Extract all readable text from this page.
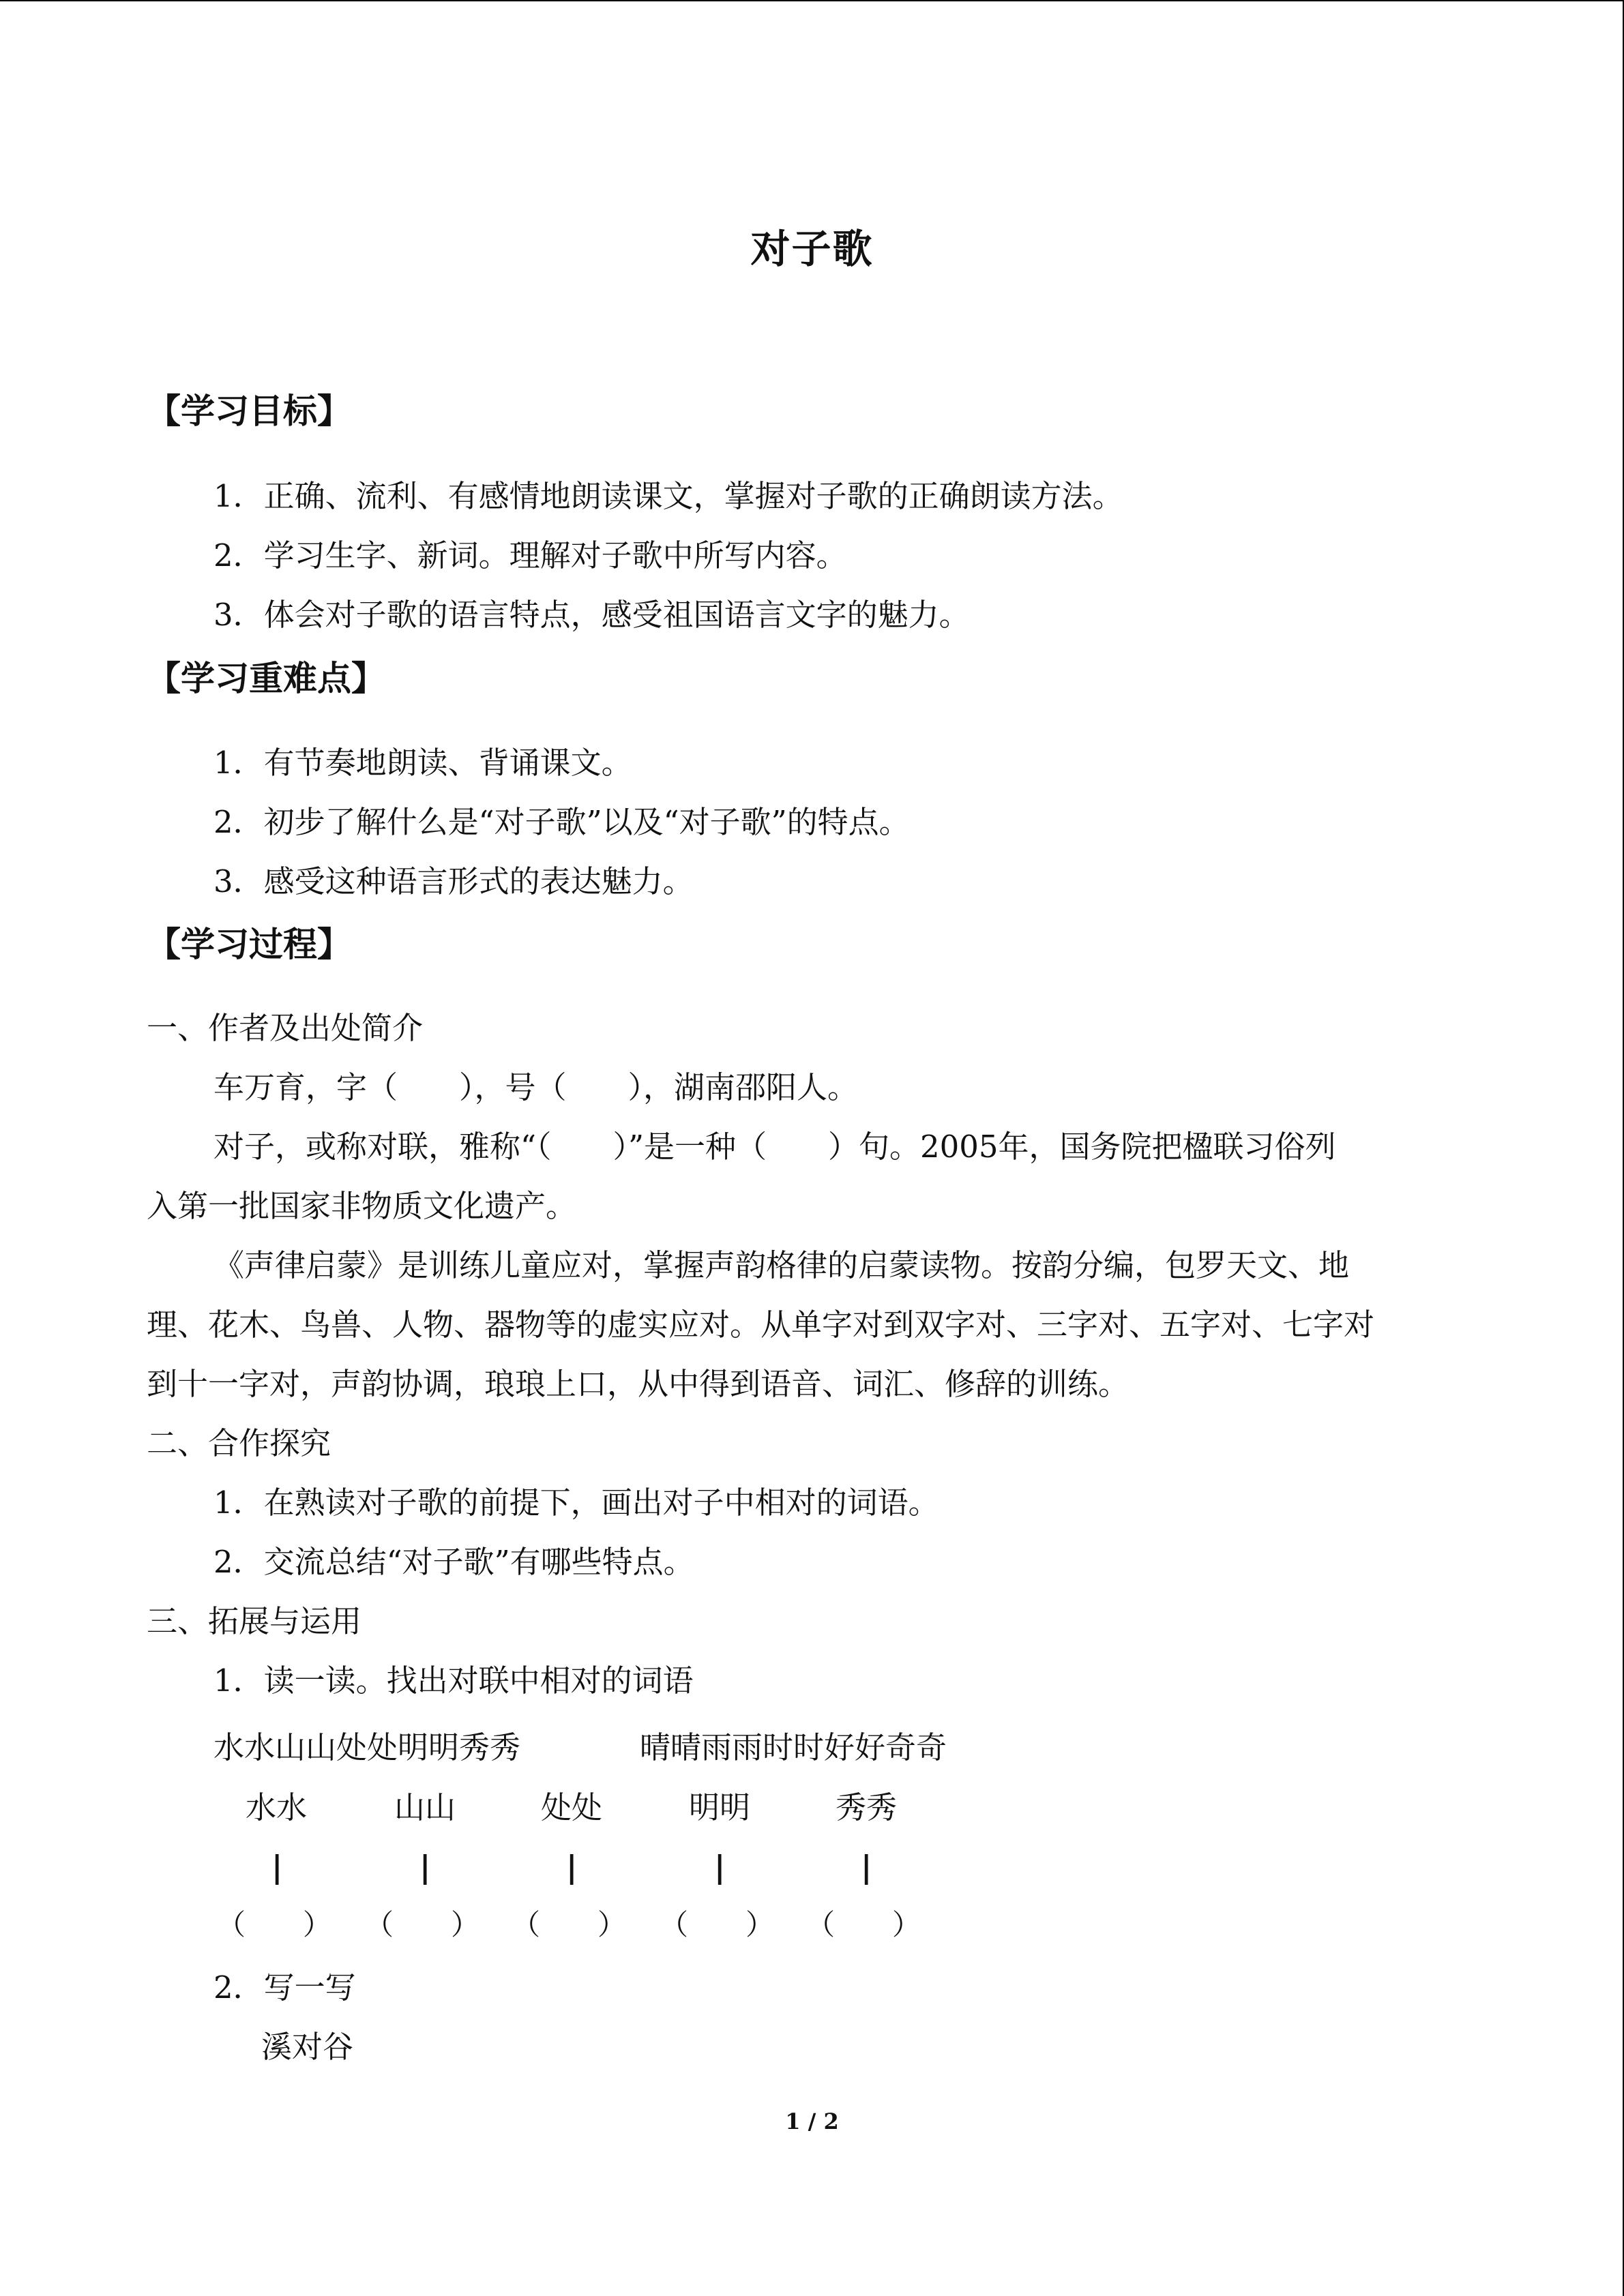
对子歌
【学习目标】
1．正确、流利、有感情地朗读课文，掌握对子歌的正确朗读方法。
2．学习生字、新词。理解对子歌中所写内容。
3．体会对子歌的语言特点，感受祖国语言文字的魅力。
【学习重难点】
1．有节奏地朗读、背诵课文。
2．初步了解什么是“对子歌”以及“对子歌”的特点。
3．感受这种语言形式的表达魅力。
【学习过程】
一、作者及出处简介
车万育，字（　　），号（　　），湖南邵阳人。
对子，或称对联，雅称“（　　）”是一种（　　）句。2005年，国务院把楹联习俗列
入第一批国家非物质文化遗产。
《声律启蒙》是训练儿童应对，掌握声韵格律的启蒙读物。按韵分编，包罗天文、地
理、花木、鸟兽、人物、器物等的虚实应对。从单字对到双字对、三字对、五字对、七字对
到十一字对，声韵协调，琅琅上口，从中得到语音、词汇、修辞的训练。
二、合作探究
1．在熟读对子歌的前提下，画出对子中相对的词语。
2．交流总结“对子歌”有哪些特点。
三、拓展与运用
1．读一读。找出对联中相对的词语
水水山山处处明明秀秀	晴晴雨雨时时好好奇奇
水水	山山	处处	明明	秀秀
|	|	|	|	|
（　　） （　　） （　　） （　　） （　　）
2．写一写
溪对谷
1 / 2
